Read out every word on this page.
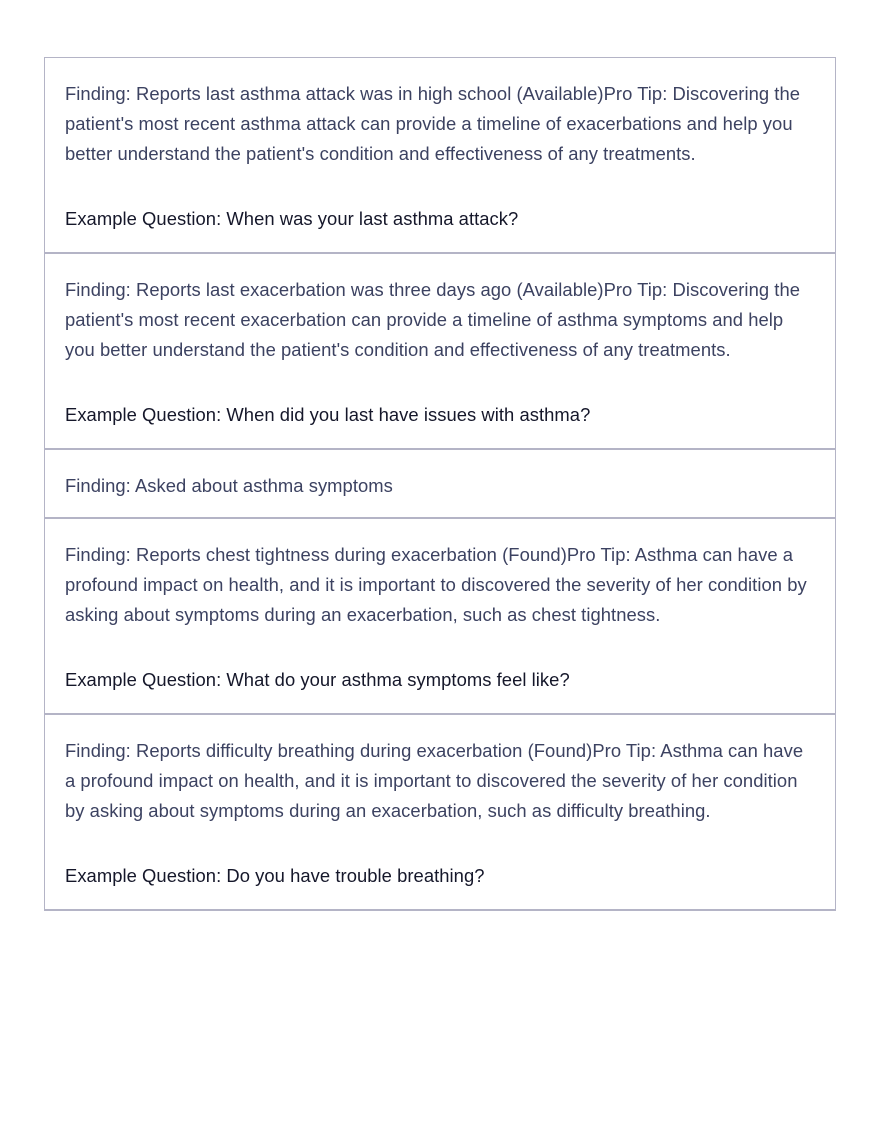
Finding: Reports last asthma attack was in high school (Available)Pro Tip: Discovering the patient's most recent asthma attack can provide a timeline of exacerbations and help you better understand the patient's condition and effectiveness of any treatments.

Example Question: When was your last asthma attack?

Finding: Reports last exacerbation was three days ago (Available)Pro Tip: Discovering the patient's most recent exacerbation can provide a timeline of asthma symptoms and help you better understand the patient's condition and effectiveness of any treatments.

Example Question: When did you last have issues with asthma?

Finding: Asked about asthma symptoms

Finding: Reports chest tightness during exacerbation (Found)Pro Tip: Asthma can have a profound impact on health, and it is important to discovered the severity of her condition by asking about symptoms during an exacerbation, such as chest tightness.

Example Question: What do your asthma symptoms feel like?

Finding: Reports difficulty breathing during exacerbation (Found)Pro Tip: Asthma can have a profound impact on health, and it is important to discovered the severity of her condition by asking about symptoms during an exacerbation, such as difficulty breathing.

Example Question: Do you have trouble breathing?
